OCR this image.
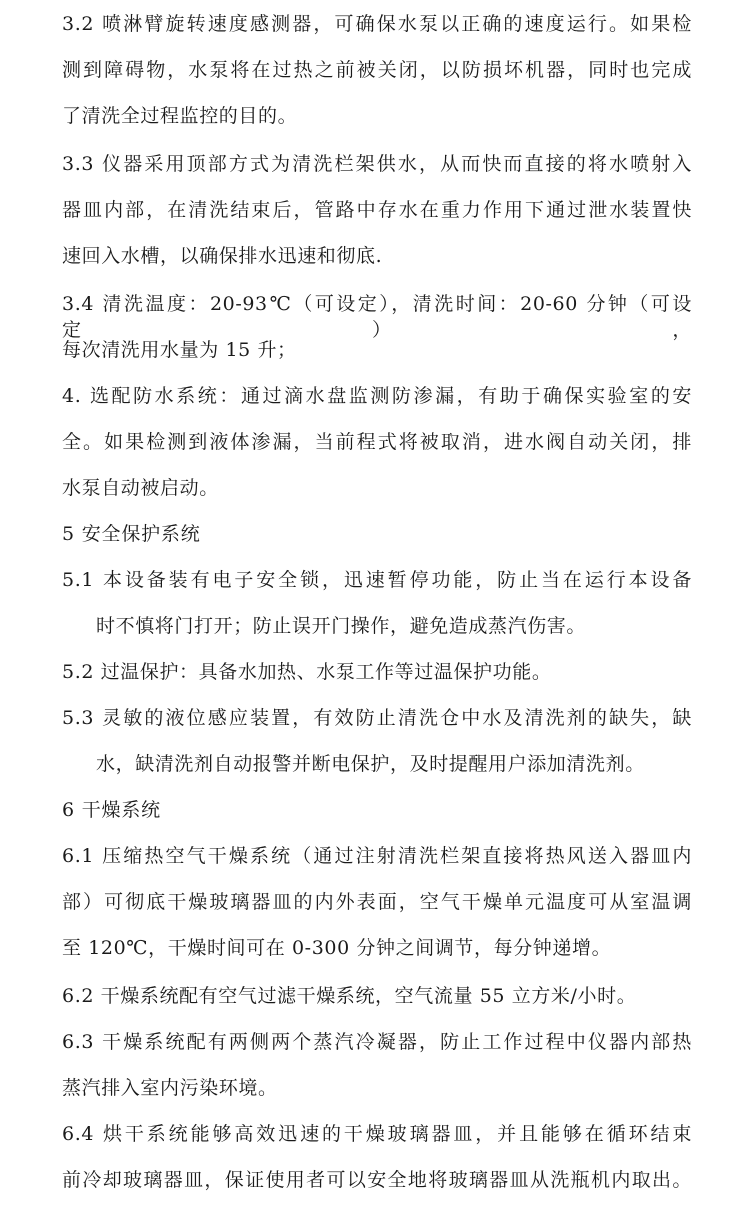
3.2 喷淋臂旋转速度感测器，可确保水泵以正确的速度运行。如果检
测到障碍物，水泵将在过热之前被关闭，以防损坏机器，同时也完成
了清洗全过程监控的目的。
3.3 仪器采用顶部方式为清洗栏架供水，从而快而直接的将水喷射入
器皿内部，在清洗结束后，管路中存水在重力作用下通过泄水装置快
速回入水槽，以确保排水迅速和彻底.
3.4 清洗温度：20-93℃（可设定），清洗时间：20-60 分钟（可设定），
每次清洗用水量为 15 升；
4. 选配防水系统：通过滴水盘监测防渗漏，有助于确保实验室的安
全。如果检测到液体渗漏，当前程式将被取消，进水阀自动关闭，排
水泵自动被启动。
5 安全保护系统
5.1 本设备装有电子安全锁，迅速暂停功能，防止当在运行本设备
时不慎将门打开；防止误开门操作，避免造成蒸汽伤害。
5.2 过温保护：具备水加热、水泵工作等过温保护功能。
5.3 灵敏的液位感应装置，有效防止清洗仓中水及清洗剂的缺失，缺
水，缺清洗剂自动报警并断电保护，及时提醒用户添加清洗剂。
6 干燥系统
6.1 压缩热空气干燥系统（通过注射清洗栏架直接将热风送入器皿内
部）可彻底干燥玻璃器皿的内外表面，空气干燥单元温度可从室温调
至 120℃，干燥时间可在 0-300 分钟之间调节，每分钟递增。
6.2 干燥系统配有空气过滤干燥系统，空气流量 55 立方米/小时。
6.3 干燥系统配有两侧两个蒸汽冷凝器，防止工作过程中仪器内部热
蒸汽排入室内污染环境。
6.4 烘干系统能够高效迅速的干燥玻璃器皿，并且能够在循环结束
前冷却玻璃器皿，保证使用者可以安全地将玻璃器皿从洗瓶机内取出。
